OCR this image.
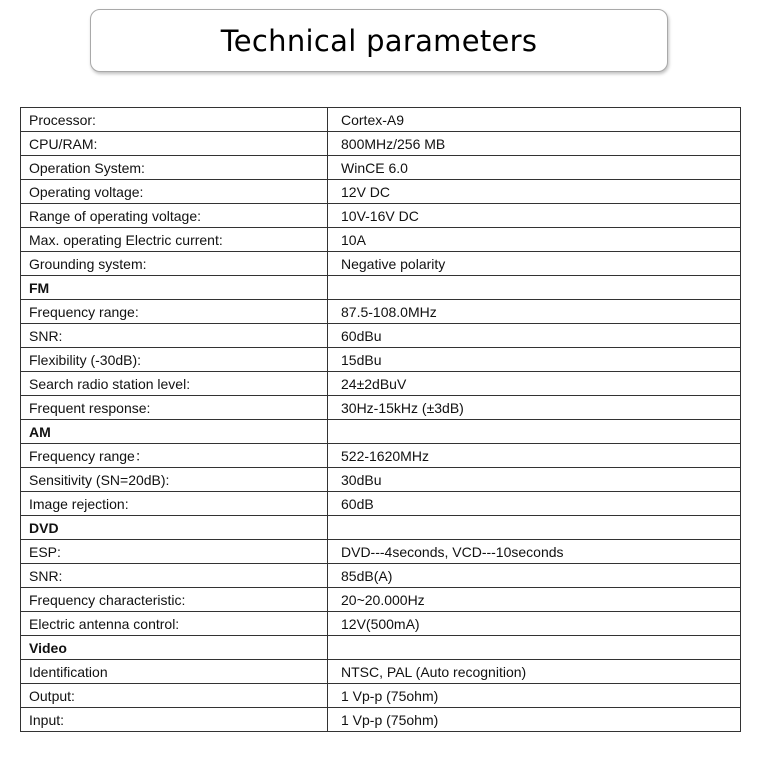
Technical parameters
Processor:	Cortex-A9
CPU/RAM:	800MHz/256 MB
Operation System:	WinCE 6.0
Operating voltage:	12V DC
Range of operating voltage:	10V-16V DC
Max. operating Electric current:	10A
Grounding system:	Negative polarity
FM	
Frequency range:	87.5-108.0MHz
SNR:	60dBu
Flexibility (-30dB):	15dBu
Search radio station level:	24±2dBuV
Frequent response:	30Hz-15kHz (±3dB)
AM	
Frequency range：	522-1620MHz
Sensitivity (SN=20dB):	30dBu
Image rejection:	60dB
DVD	
ESP:	DVD---4seconds, VCD---10seconds
SNR:	85dB(A)
Frequency characteristic:	20~20.000Hz
Electric antenna control:	12V(500mA)
Video	
Identification	NTSC, PAL (Auto recognition)
Output:	1 Vp-p (75ohm)
Input:	1 Vp-p (75ohm)
